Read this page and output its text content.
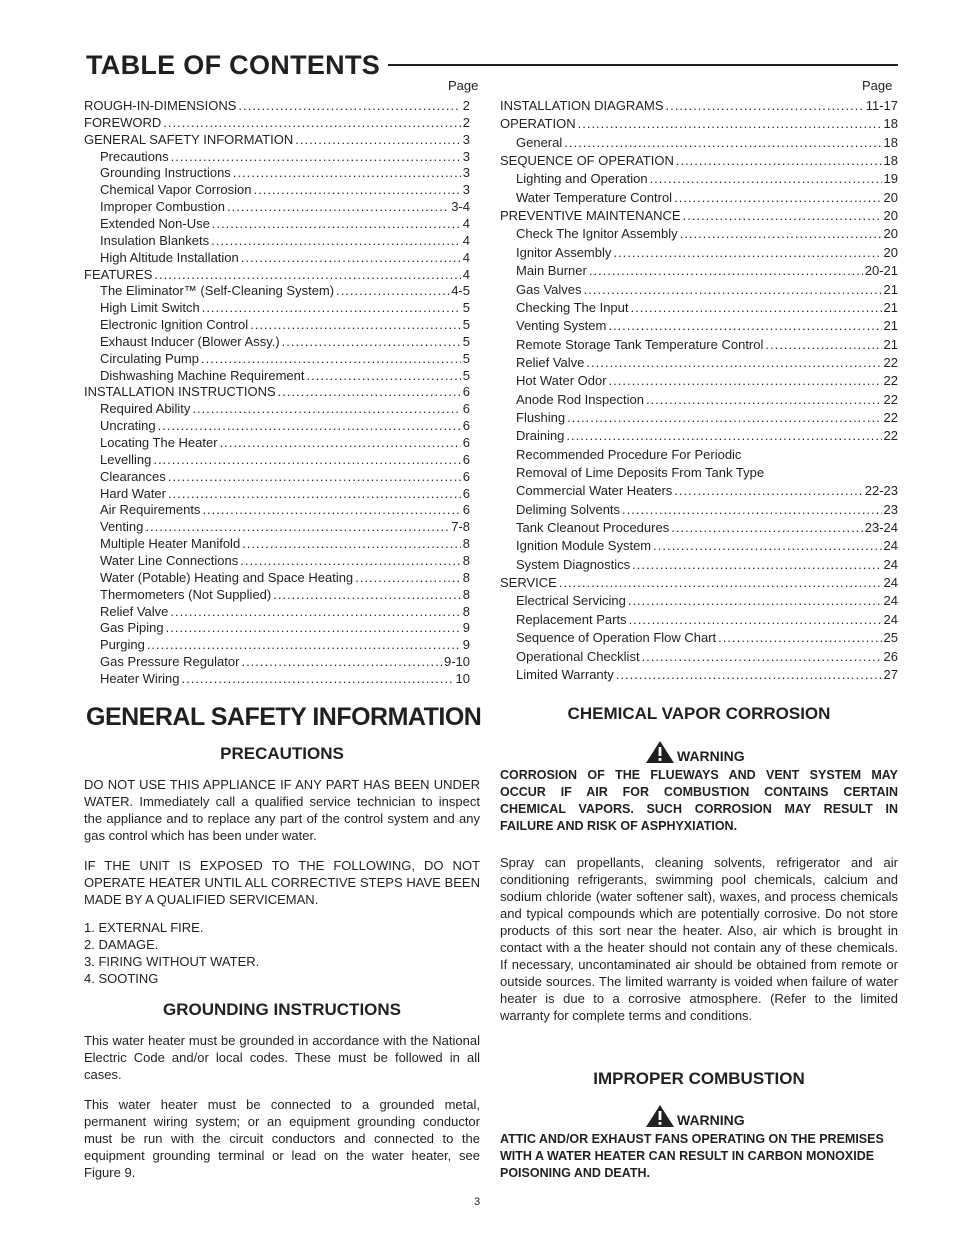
TABLE OF CONTENTS
Page	Page
ROUGH-IN-DIMENSIONS .....	2
FOREWORD .....	2
GENERAL SAFETY INFORMATION .....	3
Precautions .....	3
Grounding Instructions .....	3
Chemical Vapor Corrosion .....	3
Improper Combustion .....	3-4
Extended Non-Use .....	4
Insulation Blankets .....	4
High Altitude Installation .....	4
FEATURES .....	4
The Eliminator™ (Self-Cleaning System) .....	4-5
High Limit Switch .....	5
Electronic Ignition Control .....	5
Exhaust Inducer (Blower Assy.) .....	5
Circulating Pump .....	5
Dishwashing Machine Requirement .....	5
INSTALLATION INSTRUCTIONS .....	6
Required Ability .....	6
Uncrating .....	6
Locating The Heater .....	6
Levelling .....	6
Clearances .....	6
Hard Water .....	6
Air Requirements .....	6
Venting .....	7-8
Multiple Heater Manifold .....	8
Water Line Connections .....	8
Water (Potable) Heating and Space Heating .....	8
Thermometers (Not Supplied) .....	8
Relief Valve .....	8
Gas Piping .....	9
Purging .....	9
Gas Pressure Regulator .....	9-10
Heater Wiring .....	10
INSTALLATION DIAGRAMS .....	11-17
OPERATION .....	18
General .....	18
SEQUENCE OF OPERATION .....	18
Lighting and Operation .....	19
Water Temperature Control .....	20
PREVENTIVE MAINTENANCE .....	20
Check The Ignitor Assembly .....	20
Ignitor Assembly .....	20
Main Burner .....	20-21
Gas Valves .....	21
Checking The Input .....	21
Venting System .....	21
Remote Storage Tank Temperature Control .....	21
Relief Valve .....	22
Hot Water Odor .....	22
Anode Rod Inspection .....	22
Flushing .....	22
Draining .....	22
Recommended Procedure For Periodic
Removal of Lime Deposits From Tank Type
Commercial Water Heaters .....	22-23
Deliming Solvents .....	23
Tank Cleanout Procedures .....	23-24
Ignition Module System .....	24
System Diagnostics .....	24
SERVICE .....	24
Electrical Servicing .....	24
Replacement Parts .....	24
Sequence of Operation Flow Chart .....	25
Operational Checklist .....	26
Limited Warranty .....	27
GENERAL SAFETY INFORMATION
PRECAUTIONS
DO NOT USE THIS APPLIANCE IF ANY PART HAS BEEN UNDER WATER. Immediately call a qualified service technician to inspect the appliance and to replace any part of the control system and any gas control which has been under water.
IF THE UNIT IS EXPOSED TO THE FOLLOWING, DO NOT OPERATE HEATER UNTIL ALL CORRECTIVE STEPS HAVE BEEN MADE BY A QUALIFIED SERVICEMAN.
1. EXTERNAL FIRE.
2. DAMAGE.
3. FIRING WITHOUT WATER.
4. SOOTING
GROUNDING INSTRUCTIONS
This water heater must be grounded in accordance with the National Electric Code and/or local codes. These must be followed in all cases.
This water heater must be connected to a grounded metal, permanent wiring system; or an equipment grounding conductor must be run with the circuit conductors and connected to the equipment grounding terminal or lead on the water heater, see Figure 9.
CHEMICAL VAPOR CORROSION
WARNING
CORROSION OF THE FLUEWAYS AND VENT SYSTEM MAY OCCUR IF AIR FOR COMBUSTION CONTAINS CERTAIN CHEMICAL VAPORS. SUCH CORROSION MAY RESULT IN FAILURE AND RISK OF ASPHYXIATION.
Spray can propellants, cleaning solvents, refrigerator and air conditioning refrigerants, swimming pool chemicals, calcium and sodium chloride (water softener salt), waxes, and process chemicals and typical compounds which are potentially corrosive. Do not store products of this sort near the heater. Also, air which is brought in contact with a the heater should not contain any of these chemicals. If necessary, uncontaminated air should be obtained from remote or outside sources. The limited warranty is voided when failure of water heater is due to a corrosive atmosphere. (Refer to the limited warranty for complete terms and conditions.
IMPROPER COMBUSTION
WARNING
ATTIC AND/OR EXHAUST FANS OPERATING ON THE PREMISES WITH A WATER HEATER CAN RESULT IN CARBON MONOXIDE POISONING AND DEATH.
3
